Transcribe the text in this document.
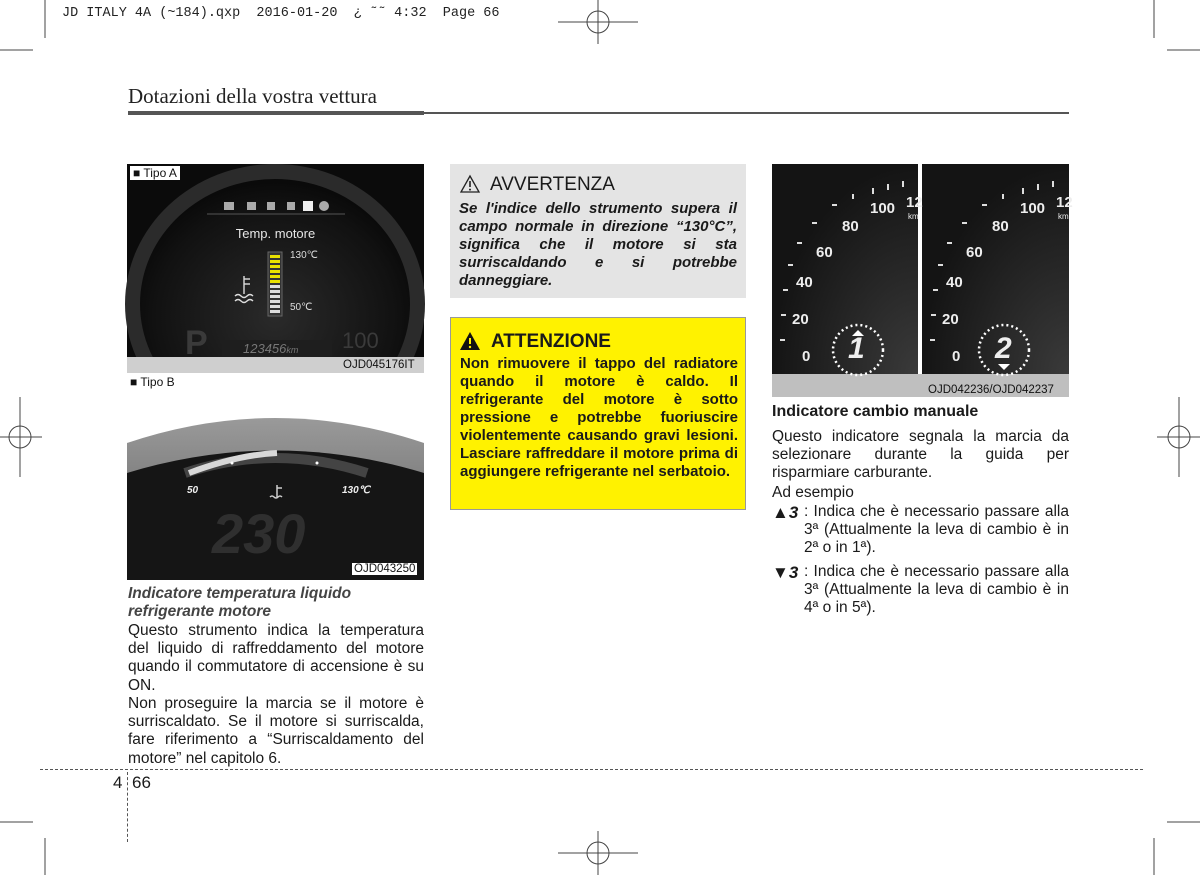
JD ITALY 4A (~184).qxp  2016-01-20  ¿ ˜˜ 4:32  Page 66
Dotazioni della vostra vettura
Temp. motore
130℃
50℃
P	100
123456km
OJD045176IT
■ Tipo A
50	130℃
230
OJD043250
■ Tipo B
Indicatore temperatura liquido
refrigerante motore
Questo strumento indica la temperatura del liquido di raffreddamento del motore quando il commutatore di accensione è su ON.
Non proseguire la marcia se il motore è surriscaldato. Se il motore si surriscalda, fare riferimento a “Surriscaldamento del motore” nel capitolo 6.
AVVERTENZA
Se l'indice dello strumento supera il campo normale in direzione “130°C”, significa che il motore si sta surriscaldando e si potrebbe danneggiare.
ATTENZIONE
Non rimuovere il tappo del radiatore quando il motore è caldo. Il refrigerante del motore è sotto pressione e potrebbe fuoriuscire violentemente causando gravi lesioni. Lasciare raffreddare il motore prima di aggiungere refrigerante nel serbatoio.
0
20
40
60
80
100 12
km
1	0
20
40
60
80
100 12
km
2
OJD042236/OJD042237
Indicatore cambio manuale
Questo indicatore segnala la marcia da selezionare durante la guida per risparmiare carburante.
Ad esempio
▲3 : Indica che è necessario passare alla 3ª (Attualmente la leva di cambio è in 2ª o in 1ª).
▼3 : Indica che è necessario passare alla 3ª (Attualmente la leva di cambio è in 4ª o in 5ª).
4 66
